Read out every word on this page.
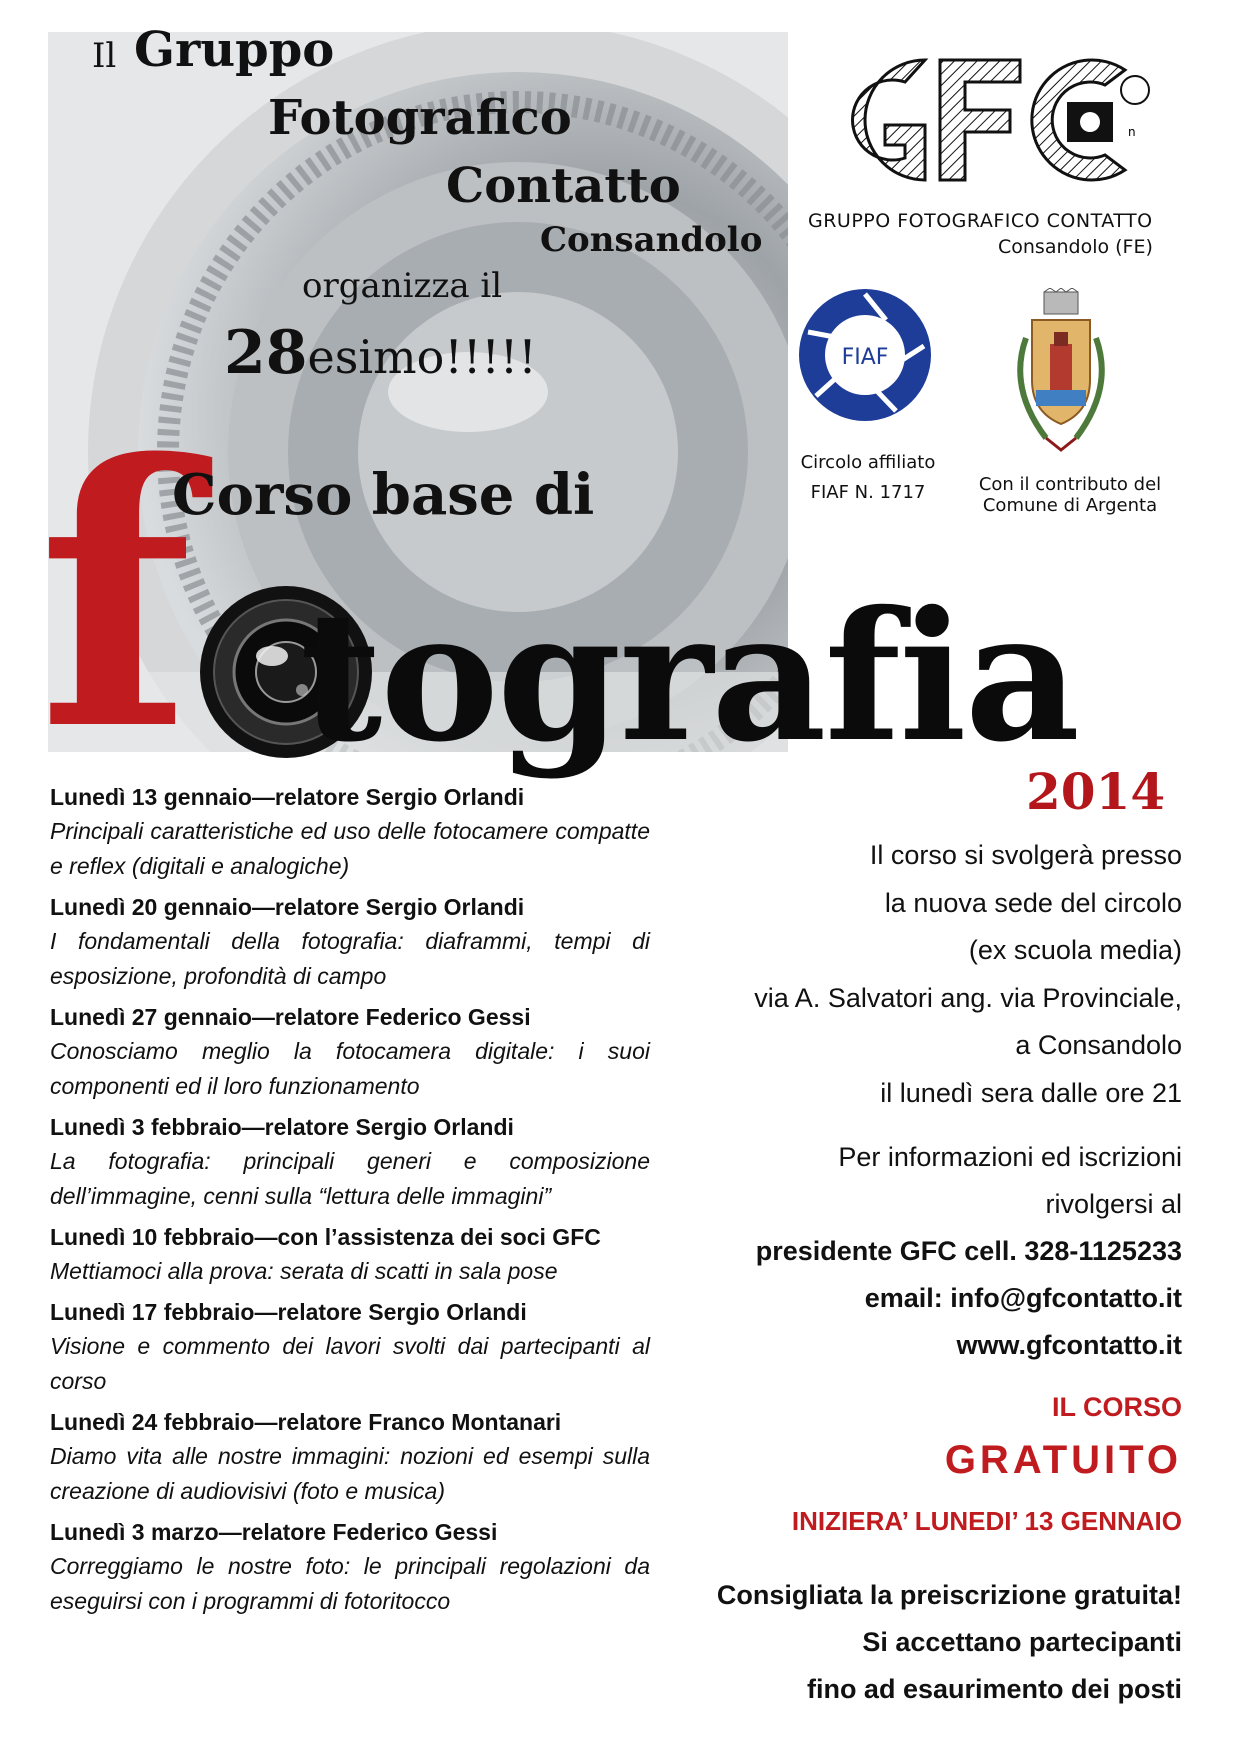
Il Gruppo
Fotografico
Contatto
Consandolo
organizza il
28esimo!!!!!
f
Corso base di
tografia
2014
n
GRUPPO FOTOGRAFICO CONTATTO
Consandolo (FE)
FIAF
Circolo affiliato
FIAF N. 1717	Con il contributo del
Comune di Argenta
Lunedì 13 gennaio—relatore Sergio Orlandi
Principali caratteristiche ed uso delle fotocamere compatte e reflex (digitali e analogiche)
Lunedì 20 gennaio—relatore Sergio Orlandi
I fondamentali della fotografia: diaframmi, tempi di esposizione, profondità di campo
Lunedì 27 gennaio—relatore Federico Gessi
Conosciamo meglio la fotocamera digitale: i suoi componenti ed il loro funzionamento
Lunedì 3 febbraio—relatore Sergio Orlandi
La fotografia: principali generi e composizione dell’immagine, cenni sulla “lettura delle immagini”
Lunedì 10 febbraio—con l’assistenza dei soci GFC
Mettiamoci alla prova: serata di scatti in sala pose
Lunedì 17 febbraio—relatore Sergio Orlandi
Visione e commento dei lavori svolti dai partecipanti al corso
Lunedì 24 febbraio—relatore Franco Montanari
Diamo vita alle nostre immagini: nozioni ed esempi sulla creazione di audiovisivi (foto e musica)
Lunedì 3 marzo—relatore Federico Gessi
Correggiamo le nostre foto: le principali regolazioni da eseguirsi con i programmi di fotoritocco
Il corso si svolgerà presso
la nuova sede del circolo
(ex scuola media)
via A. Salvatori ang. via Provinciale,
a Consandolo
il lunedì sera dalle ore 21
Per informazioni ed iscrizioni
rivolgersi al
presidente GFC cell. 328-1125233
email: info@gfcontatto.it
www.gfcontatto.it
IL CORSO
GRATUITO
INIZIERA’ LUNEDI’ 13 GENNAIO
Consigliata la preiscrizione gratuita!
Si accettano partecipanti
fino ad esaurimento dei posti
